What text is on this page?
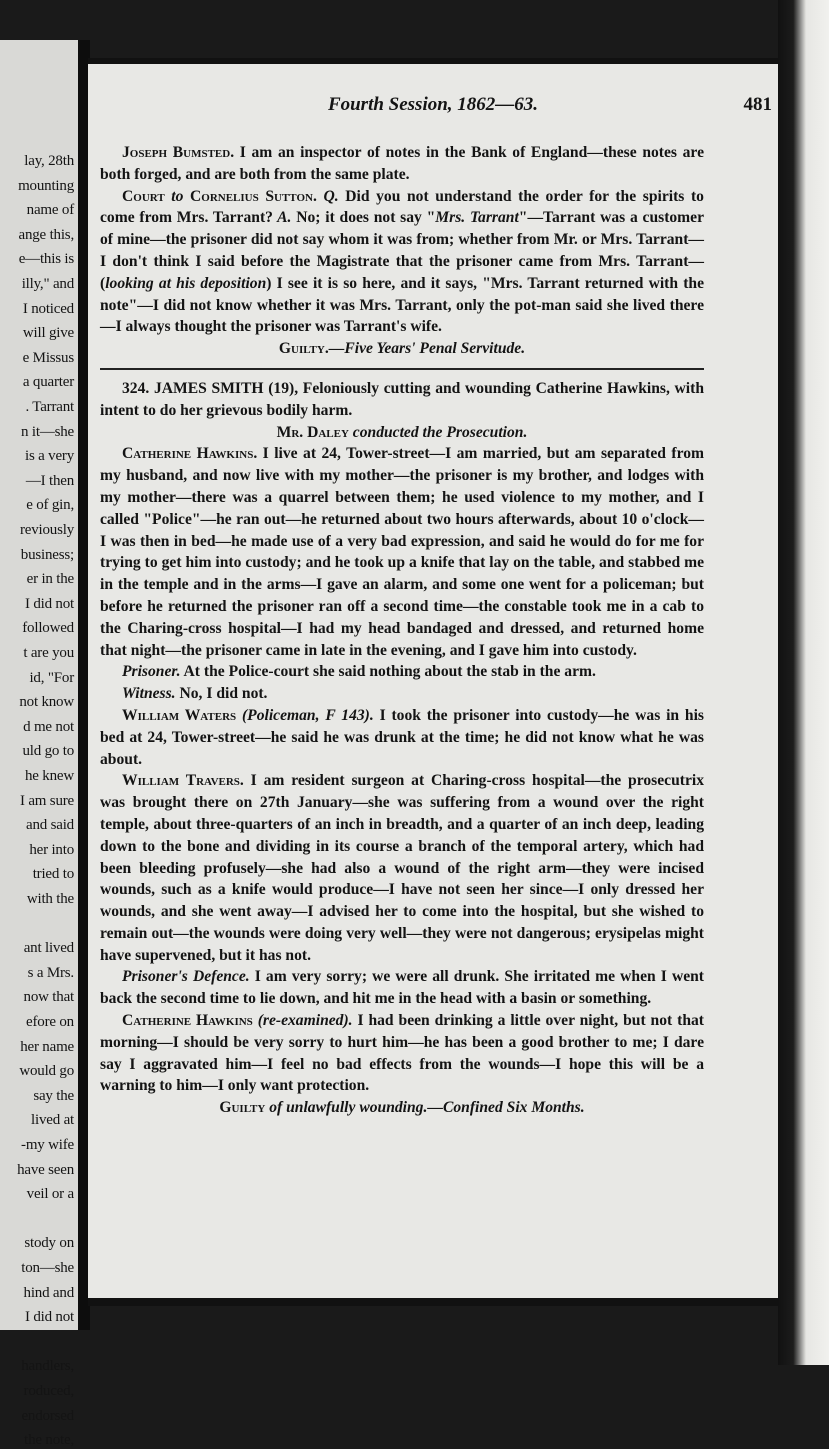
lay, 28th
mounting
name of
ange this,
e—this is
illy," and
I noticed
will give
e Missus
a quarter
. Tarrant
n it—she
is a very
—I then
e of gin,
reviously
business;
er in the
I did not
followed
t are you
id, "For
not know
d me not
uld go to
he knew
I am sure
and said
her into
tried to
with the
ant lived
s a Mrs.
now that
efore on
her name
would go
say the
lived at
-my wife
have seen
veil or a
stody on
ton—she
hind and
I did not
handlers,
roduced,
endorsed
the note,
Fourth Session, 1862—63.	481

Joseph Bumsted. I am an inspector of notes in the Bank of England—these notes are both forged, and are both from the same plate.

Court to Cornelius Sutton. Q. Did you not understand the order for the spirits to come from Mrs. Tarrant? A. No; it does not say "Mrs. Tarrant"—Tarrant was a customer of mine—the prisoner did not say whom it was from; whether from Mr. or Mrs. Tarrant—I don't think I said before the Magistrate that the prisoner came from Mrs. Tarrant—(looking at his deposition) I see it is so here, and it says, "Mrs. Tarrant returned with the note"—I did not know whether it was Mrs. Tarrant, only the pot-man said she lived there—I always thought the prisoner was Tarrant's wife.

Guilty.—Five Years' Penal Servitude.

324. JAMES SMITH (19), Feloniously cutting and wounding Catherine Hawkins, with intent to do her grievous bodily harm.

Mr. Daley conducted the Prosecution.

Catherine Hawkins. I live at 24, Tower-street—I am married, but am separated from my husband, and now live with my mother—the prisoner is my brother, and lodges with my mother—there was a quarrel between them; he used violence to my mother, and I called "Police"—he ran out—he returned about two hours afterwards, about 10 o'clock—I was then in bed—he made use of a very bad expression, and said he would do for me for trying to get him into custody; and he took up a knife that lay on the table, and stabbed me in the temple and in the arms—I gave an alarm, and some one went for a policeman; but before he returned the prisoner ran off a second time—the constable took me in a cab to the Charing-cross hospital—I had my head bandaged and dressed, and returned home that night—the prisoner came in late in the evening, and I gave him into custody.

Prisoner. At the Police-court she said nothing about the stab in the arm.

Witness. No, I did not.

William Waters (Policeman, F 143). I took the prisoner into custody—he was in his bed at 24, Tower-street—he said he was drunk at the time; he did not know what he was about.

William Travers. I am resident surgeon at Charing-cross hospital—the prosecutrix was brought there on 27th January—she was suffering from a wound over the right temple, about three-quarters of an inch in breadth, and a quarter of an inch deep, leading down to the bone and dividing in its course a branch of the temporal artery, which had been bleeding profusely—she had also a wound of the right arm—they were incised wounds, such as a knife would produce—I have not seen her since—I only dressed her wounds, and she went away—I advised her to come into the hospital, but she wished to remain out—the wounds were doing very well—they were not dangerous; erysipelas might have supervened, but it has not.

Prisoner's Defence. I am very sorry; we were all drunk. She irritated me when I went back the second time to lie down, and hit me in the head with a basin or something.

Catherine Hawkins (re-examined). I had been drinking a little over night, but not that morning—I should be very sorry to hurt him—he has been a good brother to me; I dare say I aggravated him—I feel no bad effects from the wounds—I hope this will be a warning to him—I only want protection.

Guilty of unlawfully wounding.—Confined Six Months.
